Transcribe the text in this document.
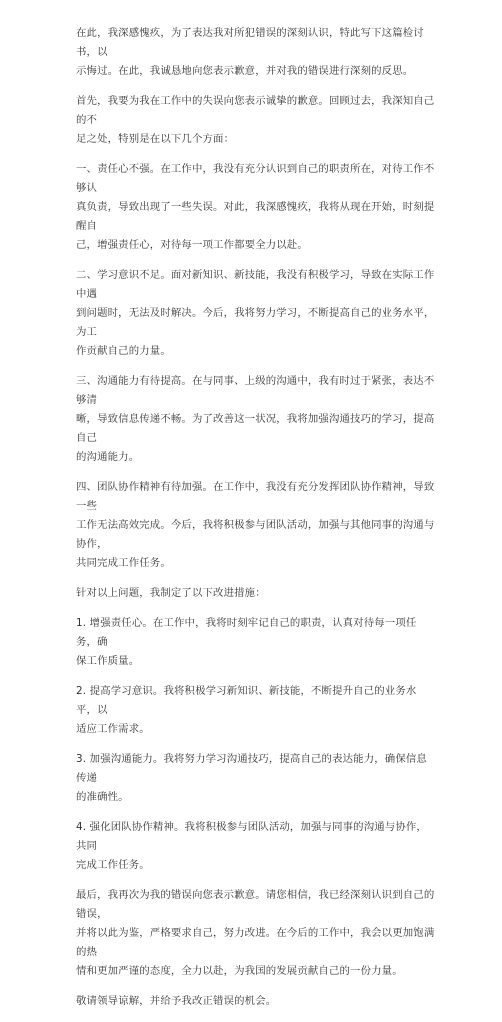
在此，我深感愧疚，为了表达我对所犯错误的深刻认识，特此写下这篇检讨书，以
示悔过。在此，我诚恳地向您表示歉意，并对我的错误进行深刻的反思。

首先，我要为我在工作中的失误向您表示诚挚的歉意。回顾过去，我深知自己的不
足之处，特别是在以下几个方面：

一、责任心不强。在工作中，我没有充分认识到自己的职责所在，对待工作不够认
真负责，导致出现了一些失误。对此，我深感愧疚，我将从现在开始，时刻提醒自
己，增强责任心，对待每一项工作都要全力以赴。

二、学习意识不足。面对新知识、新技能，我没有积极学习，导致在实际工作中遇
到问题时，无法及时解决。今后，我将努力学习，不断提高自己的业务水平，为工
作贡献自己的力量。

三、沟通能力有待提高。在与同事、上级的沟通中，我有时过于紧张，表达不够清
晰，导致信息传递不畅。为了改善这一状况，我将加强沟通技巧的学习，提高自己
的沟通能力。

四、团队协作精神有待加强。在工作中，我没有充分发挥团队协作精神，导致一些
工作无法高效完成。今后，我将积极参与团队活动，加强与其他同事的沟通与协作，
共同完成工作任务。

针对以上问题，我制定了以下改进措施：

1. 增强责任心。在工作中，我将时刻牢记自己的职责，认真对待每一项任务，确
保工作质量。

2. 提高学习意识。我将积极学习新知识、新技能，不断提升自己的业务水平，以
适应工作需求。

3. 加强沟通能力。我将努力学习沟通技巧，提高自己的表达能力，确保信息传递
的准确性。

4. 强化团队协作精神。我将积极参与团队活动，加强与同事的沟通与协作，共同
完成工作任务。

最后，我再次为我的错误向您表示歉意。请您相信，我已经深刻认识到自己的错误，
并将以此为鉴，严格要求自己，努力改进。在今后的工作中，我会以更加饱满的热
情和更加严谨的态度，全力以赴，为我国的发展贡献自己的一份力量。

敬请领导谅解，并给予我改正错误的机会。
